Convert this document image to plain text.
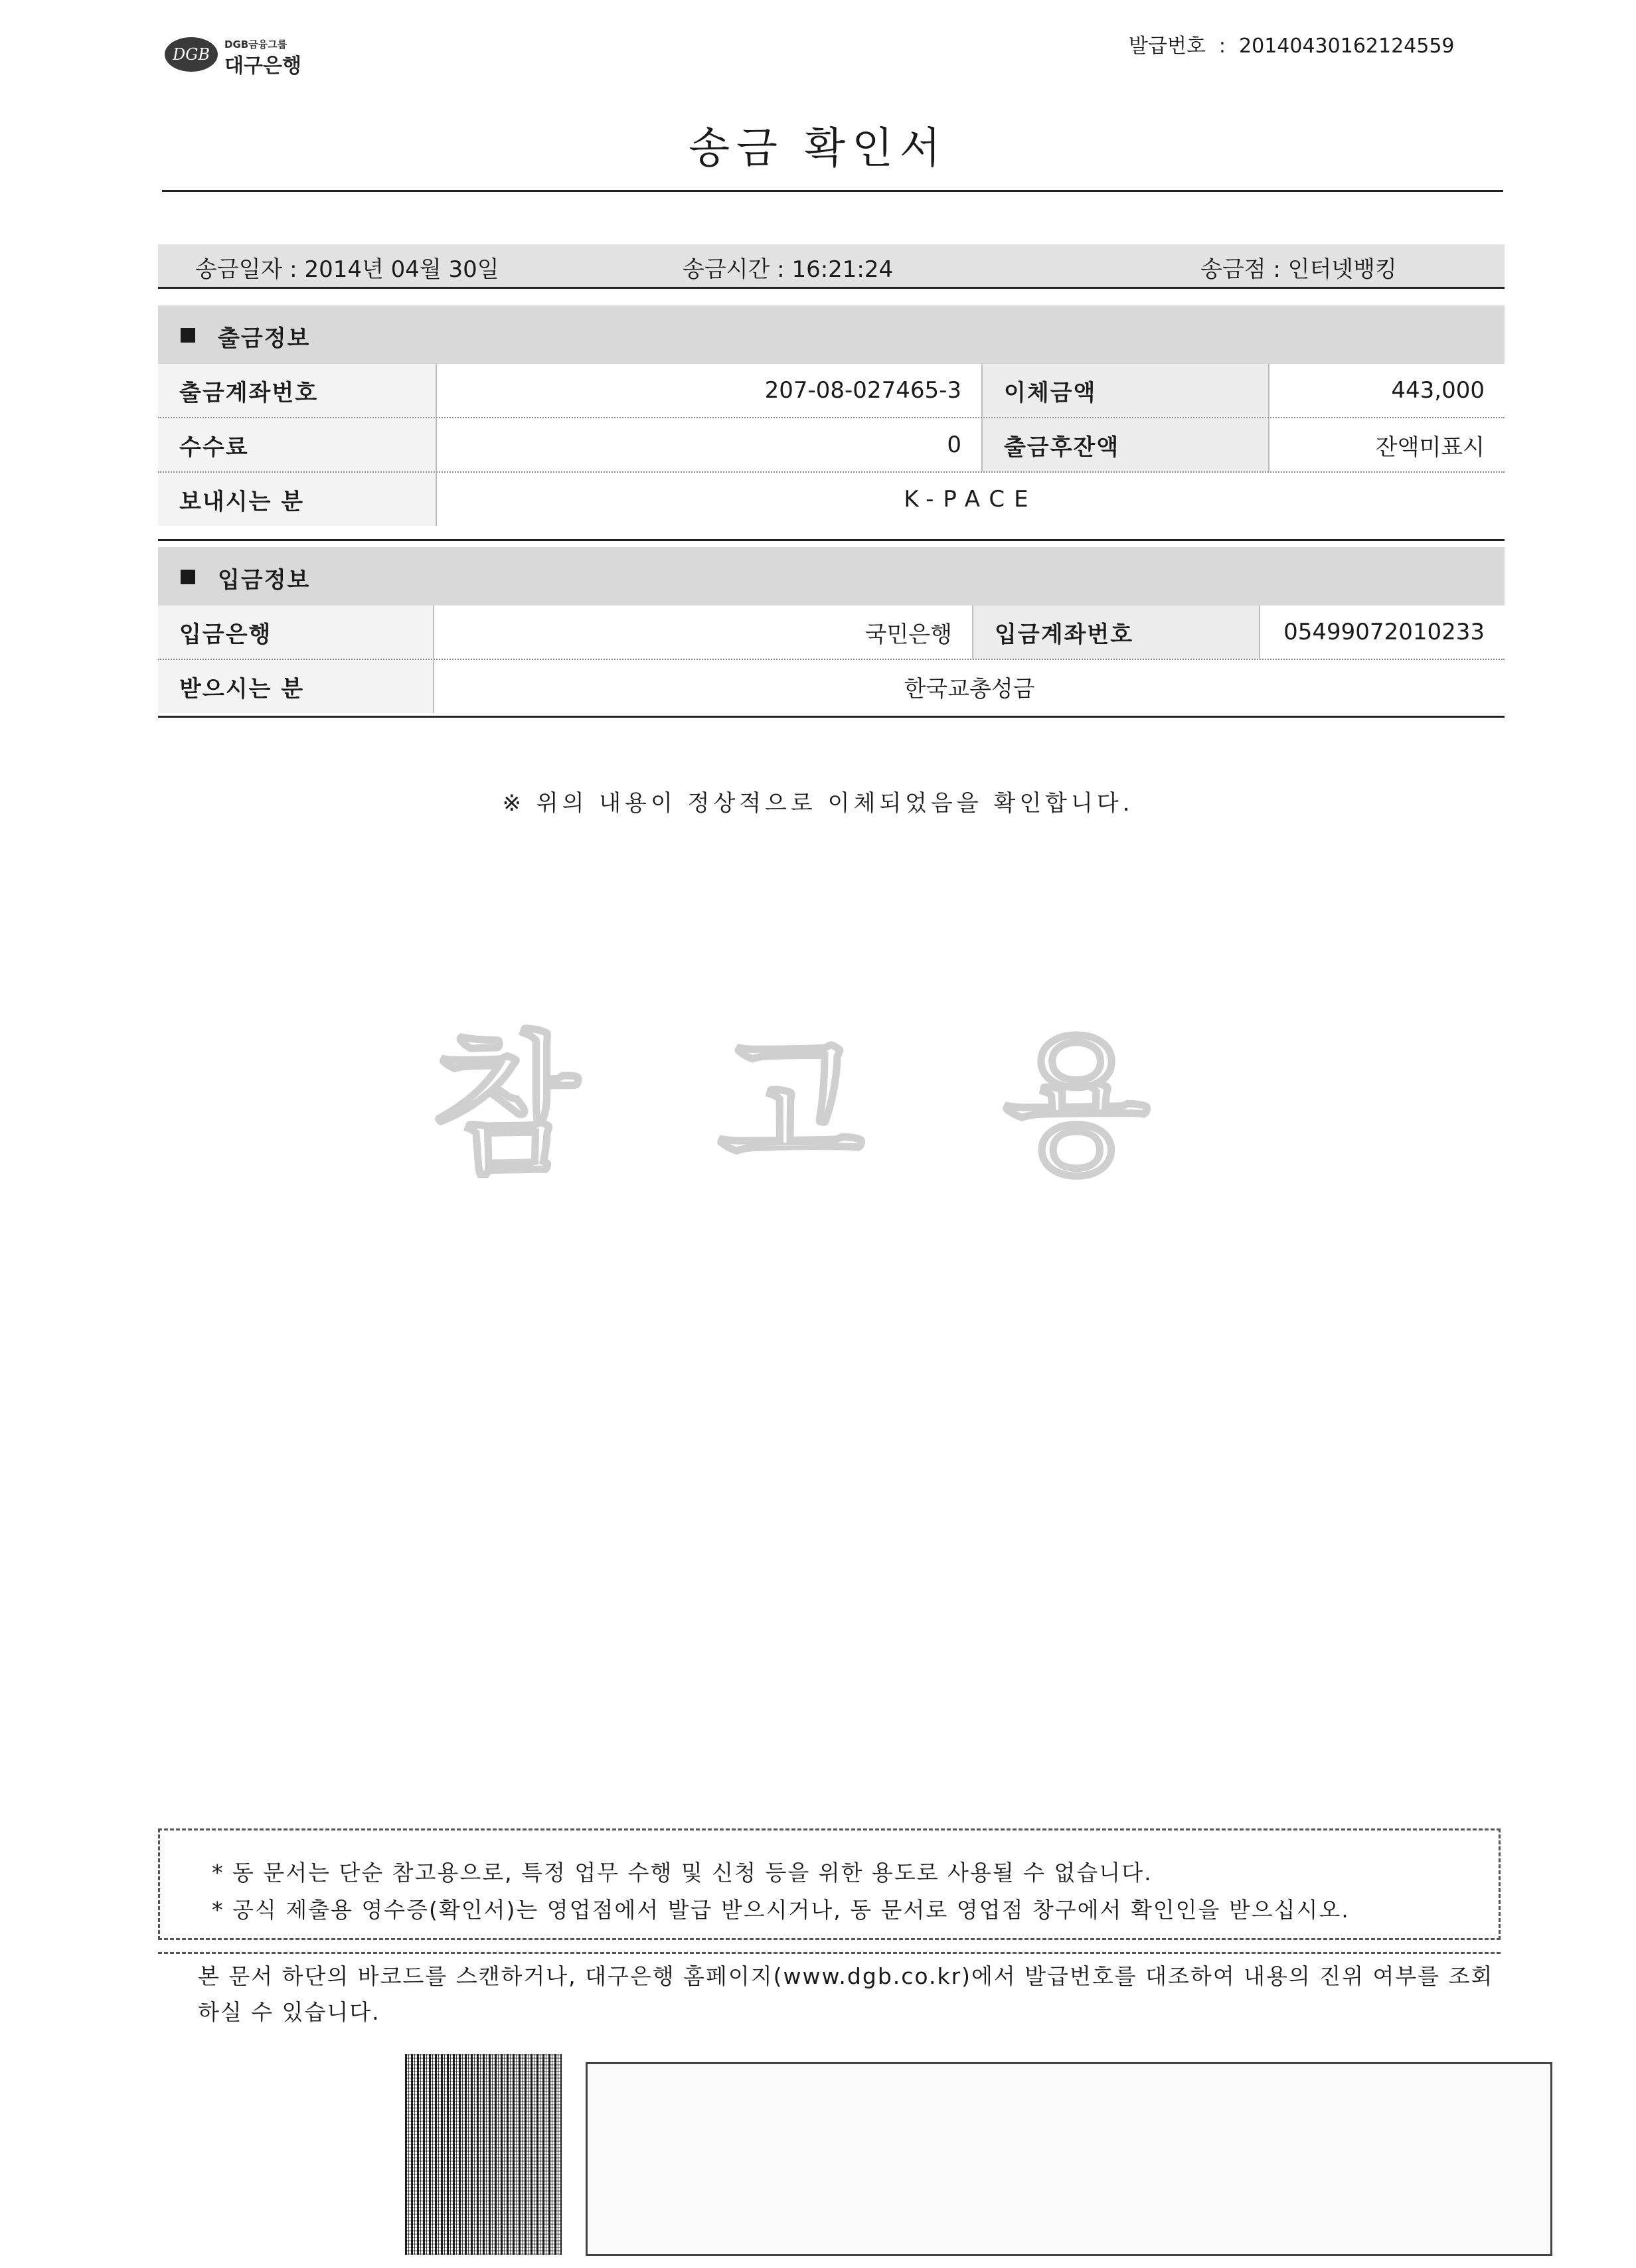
DGB
DGB금융그룹
대구은행
발급번호 : 20140430162124559
송금 확인서
송금일자 : 2014년 04월 30일	송금시간 : 16:21:24	송금점 : 인터넷뱅킹
출금정보
출금계좌번호	207-08-027465-3	이체금액	443,000
수수료	0	출금후잔액	잔액미표시
보내시는 분	K-PACE
입금정보
입금은행	국민은행	입금계좌번호	05499072010233
받으시는 분	한국교총성금
※ 위의 내용이 정상적으로 이체되었음을 확인합니다.
참 고 용
* 동 문서는 단순 참고용으로, 특정 업무 수행 및 신청 등을 위한 용도로 사용될 수 없습니다.
* 공식 제출용 영수증(확인서)는 영업점에서 발급 받으시거나, 동 문서로 영업점 창구에서 확인인을 받으십시오.
본 문서 하단의 바코드를 스캔하거나, 대구은행 홈페이지(www.dgb.co.kr)에서 발급번호를 대조하여 내용의 진위 여부를 조회
하실 수 있습니다.
